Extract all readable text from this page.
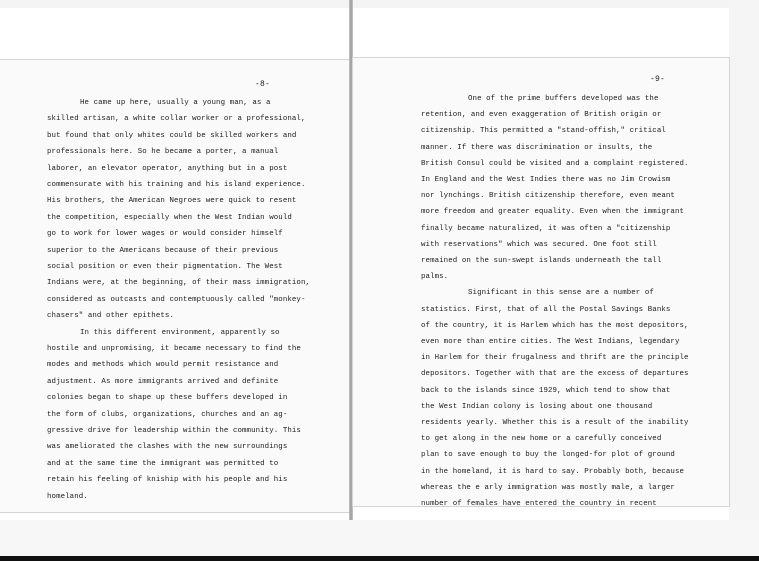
-8-
He came up here, usually a young man, as a
skilled artisan, a white collar worker or a professional,
but found that only whites could be skilled workers and
professionals here. So he became a porter, a manual
laborer, an elevator operator, anything but in a post
commensurate with his training and his island experience.
His brothers, the American Negroes were quick to resent
the competition, especially when the West Indian would
go to work for lower wages or would consider himself
superior to the Americans because of their previous
social position or even their pigmentation. The West
Indians were, at the beginning, of their mass immigration,
considered as outcasts and contemptuously called "monkey-
chasers" and other epithets.
In this different environment, apparently so
hostile and unpromising, it became necessary to find the
modes and methods which would permit resistance and
adjustment. As more immigrants arrived and definite
colonies began to shape up these buffers developed in
the form of clubs, organizations, churches and an ag-
gressive drive for leadership within the community. This
was ameliorated the clashes with the new surroundings
and at the same time the immigrant was permitted to
retain his feeling of kniship with his people and his
homeland.
-9-
One of the prime buffers developed was the
retention, and even exaggeration of British origin or
citizenship. This permitted a "stand-offish," critical
manner. If there was discrimination or insults, the
British Consul could be visited and a complaint registered.
In England and the West Indies there was no Jim Crowism
nor lynchings. British citizenship therefore, even meant
more freedom and greater equality. Even when the immigrant
finally became naturalized, it was often a "citizenship
with reservations" which was secured. One foot still
remained on the sun-swept islands underneath the tall
palms.
Significant in this sense are a number of
statistics. First, that of all the Postal Savings Banks
of the country, it is Harlem which has the most depositors,
even more than entire cities. The West Indians, legendary
in Harlem for their frugalness and thrift are the principle
depositors. Together with that are the excess of departures
back to the islands since 1929, which tend to show that
the West Indian colony is losing about one thousand
residents yearly. Whether this is a result of the inability
to get along in the new home or a carefully conceived
plan to save enough to buy the longed-for plot of ground
in the homeland, it is hard to say. Probably both, because
whereas the e arly immigration was mostly male, a larger
number of females have entered the country in recent
